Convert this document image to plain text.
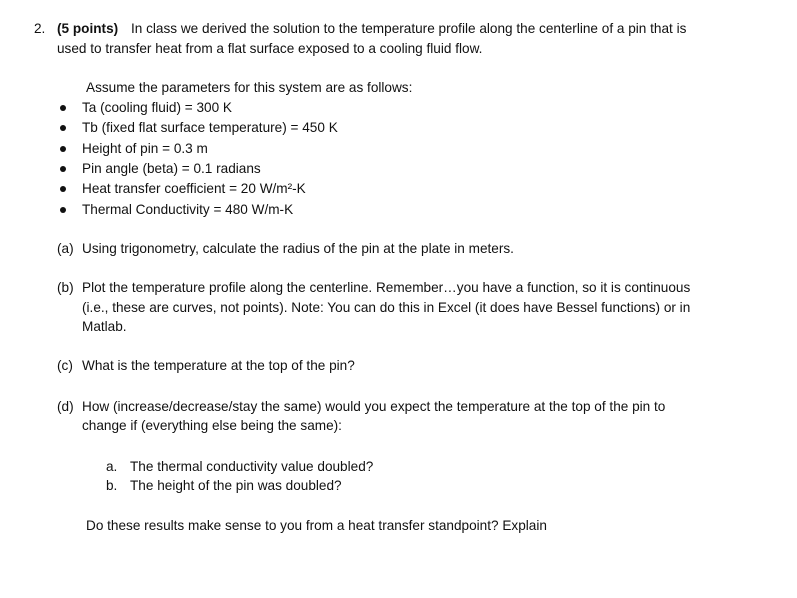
2. (5 points) In class we derived the solution to the temperature profile along the centerline of a pin that is
used to transfer heat from a flat surface exposed to a cooling fluid flow.
Assume the parameters for this system are as follows:
Ta (cooling fluid) = 300 K
Tb (fixed flat surface temperature) = 450 K
Height of pin = 0.3 m
Pin angle (beta) = 0.1 radians
Heat transfer coefficient = 20 W/m²-K
Thermal Conductivity = 480 W/m-K
(a) Using trigonometry, calculate the radius of the pin at the plate in meters.
(b) Plot the temperature profile along the centerline. Remember…you have a function, so it is continuous
(i.e., these are curves, not points). Note: You can do this in Excel (it does have Bessel functions) or in
Matlab.
(c) What is the temperature at the top of the pin?
(d) How (increase/decrease/stay the same) would you expect the temperature at the top of the pin to
change if (everything else being the same):
a. The thermal conductivity value doubled?
b. The height of the pin was doubled?
Do these results make sense to you from a heat transfer standpoint? Explain
